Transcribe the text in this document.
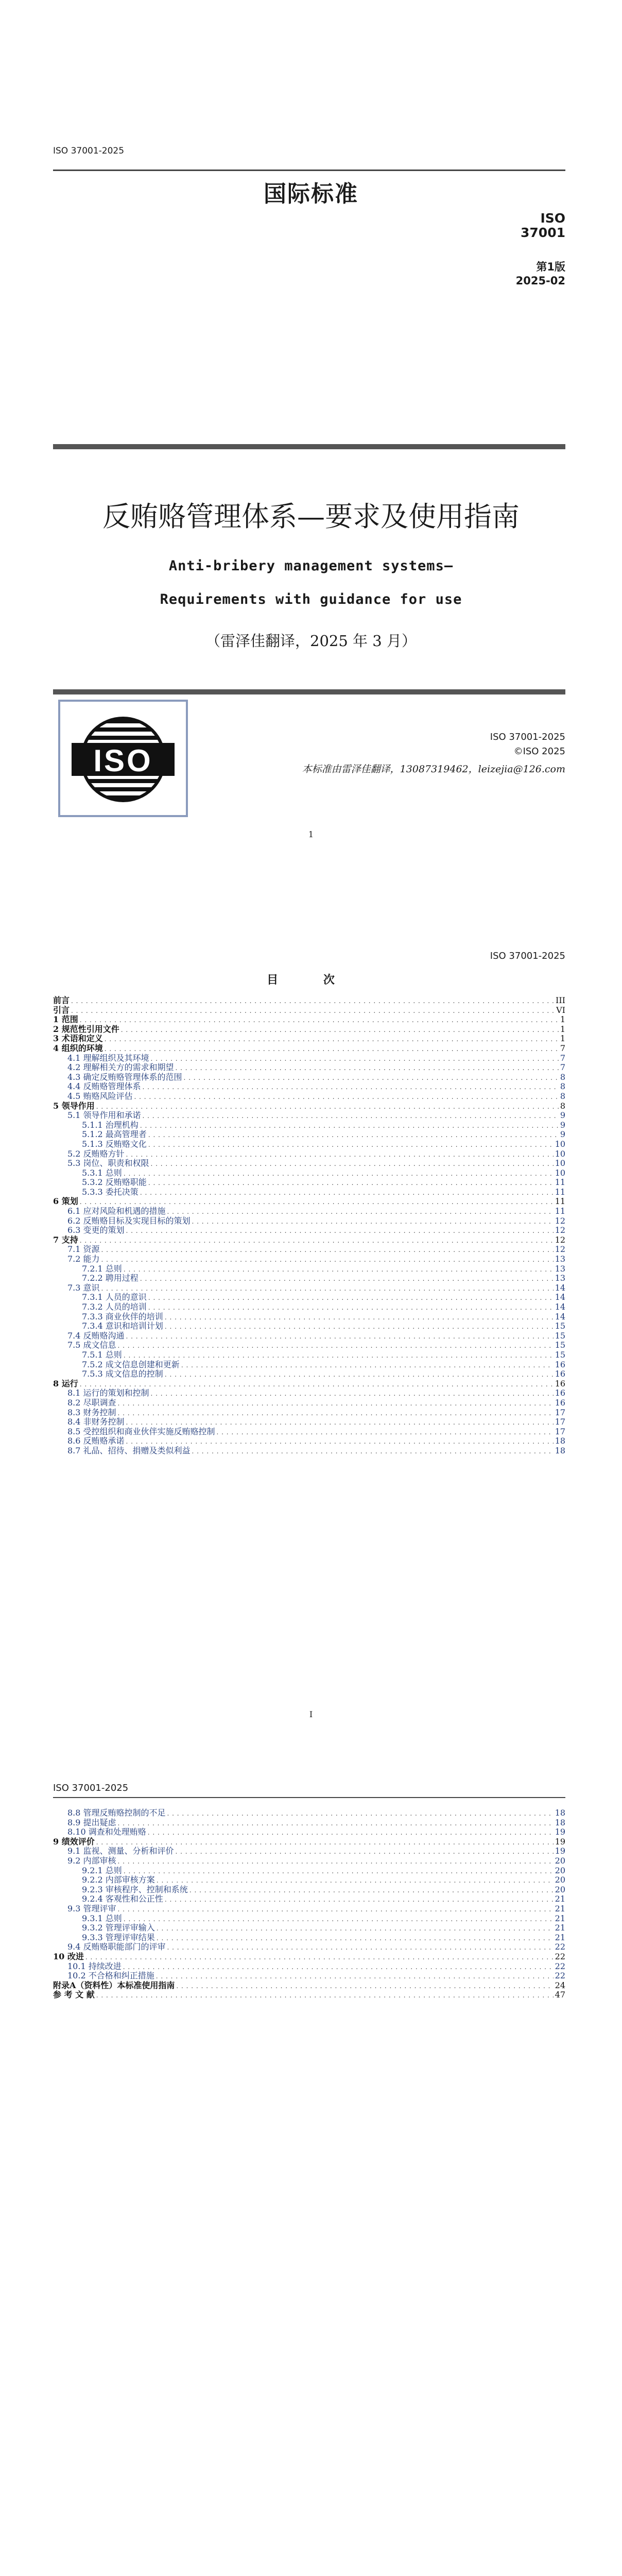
ISO 37001-2025
国际标准
ISO
37001
第1版
2025-02
反贿赂管理体系—要求及使用指南
Anti-bribery management systems—
Requirements with guidance for use
（雷泽佳翻译，2025 年 3 月）
ISO
ISO 37001-2025
©ISO 2025
本标准由雷泽佳翻译，13087319462，leizejia@126.com
1
ISO 37001-2025
目 次
前言 . . .	III
引言 . . .	VI
1 范围 . . .	1
2 规范性引用文件 . . .	1
3 术语和定义 . . .	1
4 组织的环境 . . .	7
4.1 理解组织及其环境 . . .	7
4.2 理解相关方的需求和期望 . . .	7
4.3 确定反贿赂管理体系的范围 . . .	8
4.4 反贿赂管理体系 . . .	8
4.5 贿赂风险评估 . . .	8
5 领导作用 . . .	8
5.1 领导作用和承诺 . . .	9
5.1.1 治理机构 . . .	9
5.1.2 最高管理者 . . .	9
5.1.3 反贿赂文化 . . .	10
5.2 反贿赂方针 . . .	10
5.3 岗位、职责和权限 . . .	10
5.3.1 总则 . . .	10
5.3.2 反贿赂职能 . . .	11
5.3.3 委托决策 . . .	11
6 策划 . . .	11
6.1 应对风险和机遇的措施 . . .	11
6.2 反贿赂目标及实现目标的策划 . . .	12
6.3 变更的策划 . . .	12
7 支持 . . .	12
7.1 资源 . . .	12
7.2 能力 . . .	13
7.2.1 总则 . . .	13
7.2.2 聘用过程 . . .	13
7.3 意识 . . .	14
7.3.1 人员的意识 . . .	14
7.3.2 人员的培训 . . .	14
7.3.3 商业伙伴的培训 . . .	14
7.3.4 意识和培训计划 . . .	15
7.4 反贿赂沟通 . . .	15
7.5 成文信息 . . .	15
7.5.1 总则 . . .	15
7.5.2 成文信息创建和更新 . . .	16
7.5.3 成文信息的控制 . . .	16
8 运行 . . .	16
8.1 运行的策划和控制 . . .	16
8.2 尽职调查 . . .	16
8.3 财务控制 . . .	17
8.4 非财务控制 . . .	17
8.5 受控组织和商业伙伴实施反贿赂控制 . . .	17
8.6 反贿赂承诺 . . .	18
8.7 礼品、招待、捐赠及类似利益 . . .	18
I
ISO 37001-2025
8.8 管理反贿赂控制的不足 . . .	18
8.9 提出疑虑 . . .	18
8.10 调查和处理贿赂 . . .	19
9 绩效评价 . . .	19
9.1 监视、测量、分析和评价 . . .	19
9.2 内部审核 . . .	20
9.2.1 总则 . . .	20
9.2.2 内部审核方案 . . .	20
9.2.3 审核程序、控制和系统 . . .	20
9.2.4 客观性和公正性 . . .	21
9.3 管理评审 . . .	21
9.3.1 总则 . . .	21
9.3.2 管理评审输入 . . .	21
9.3.3 管理评审结果 . . .	21
9.4 反贿赂职能部门的评审 . . .	22
10 改进 . . .	22
10.1 持续改进 . . .	22
10.2 不合格和纠正措施 . . .	22
附录A（资料性）本标准使用指南 . . .	24
参 考 文 献 . . .	47
